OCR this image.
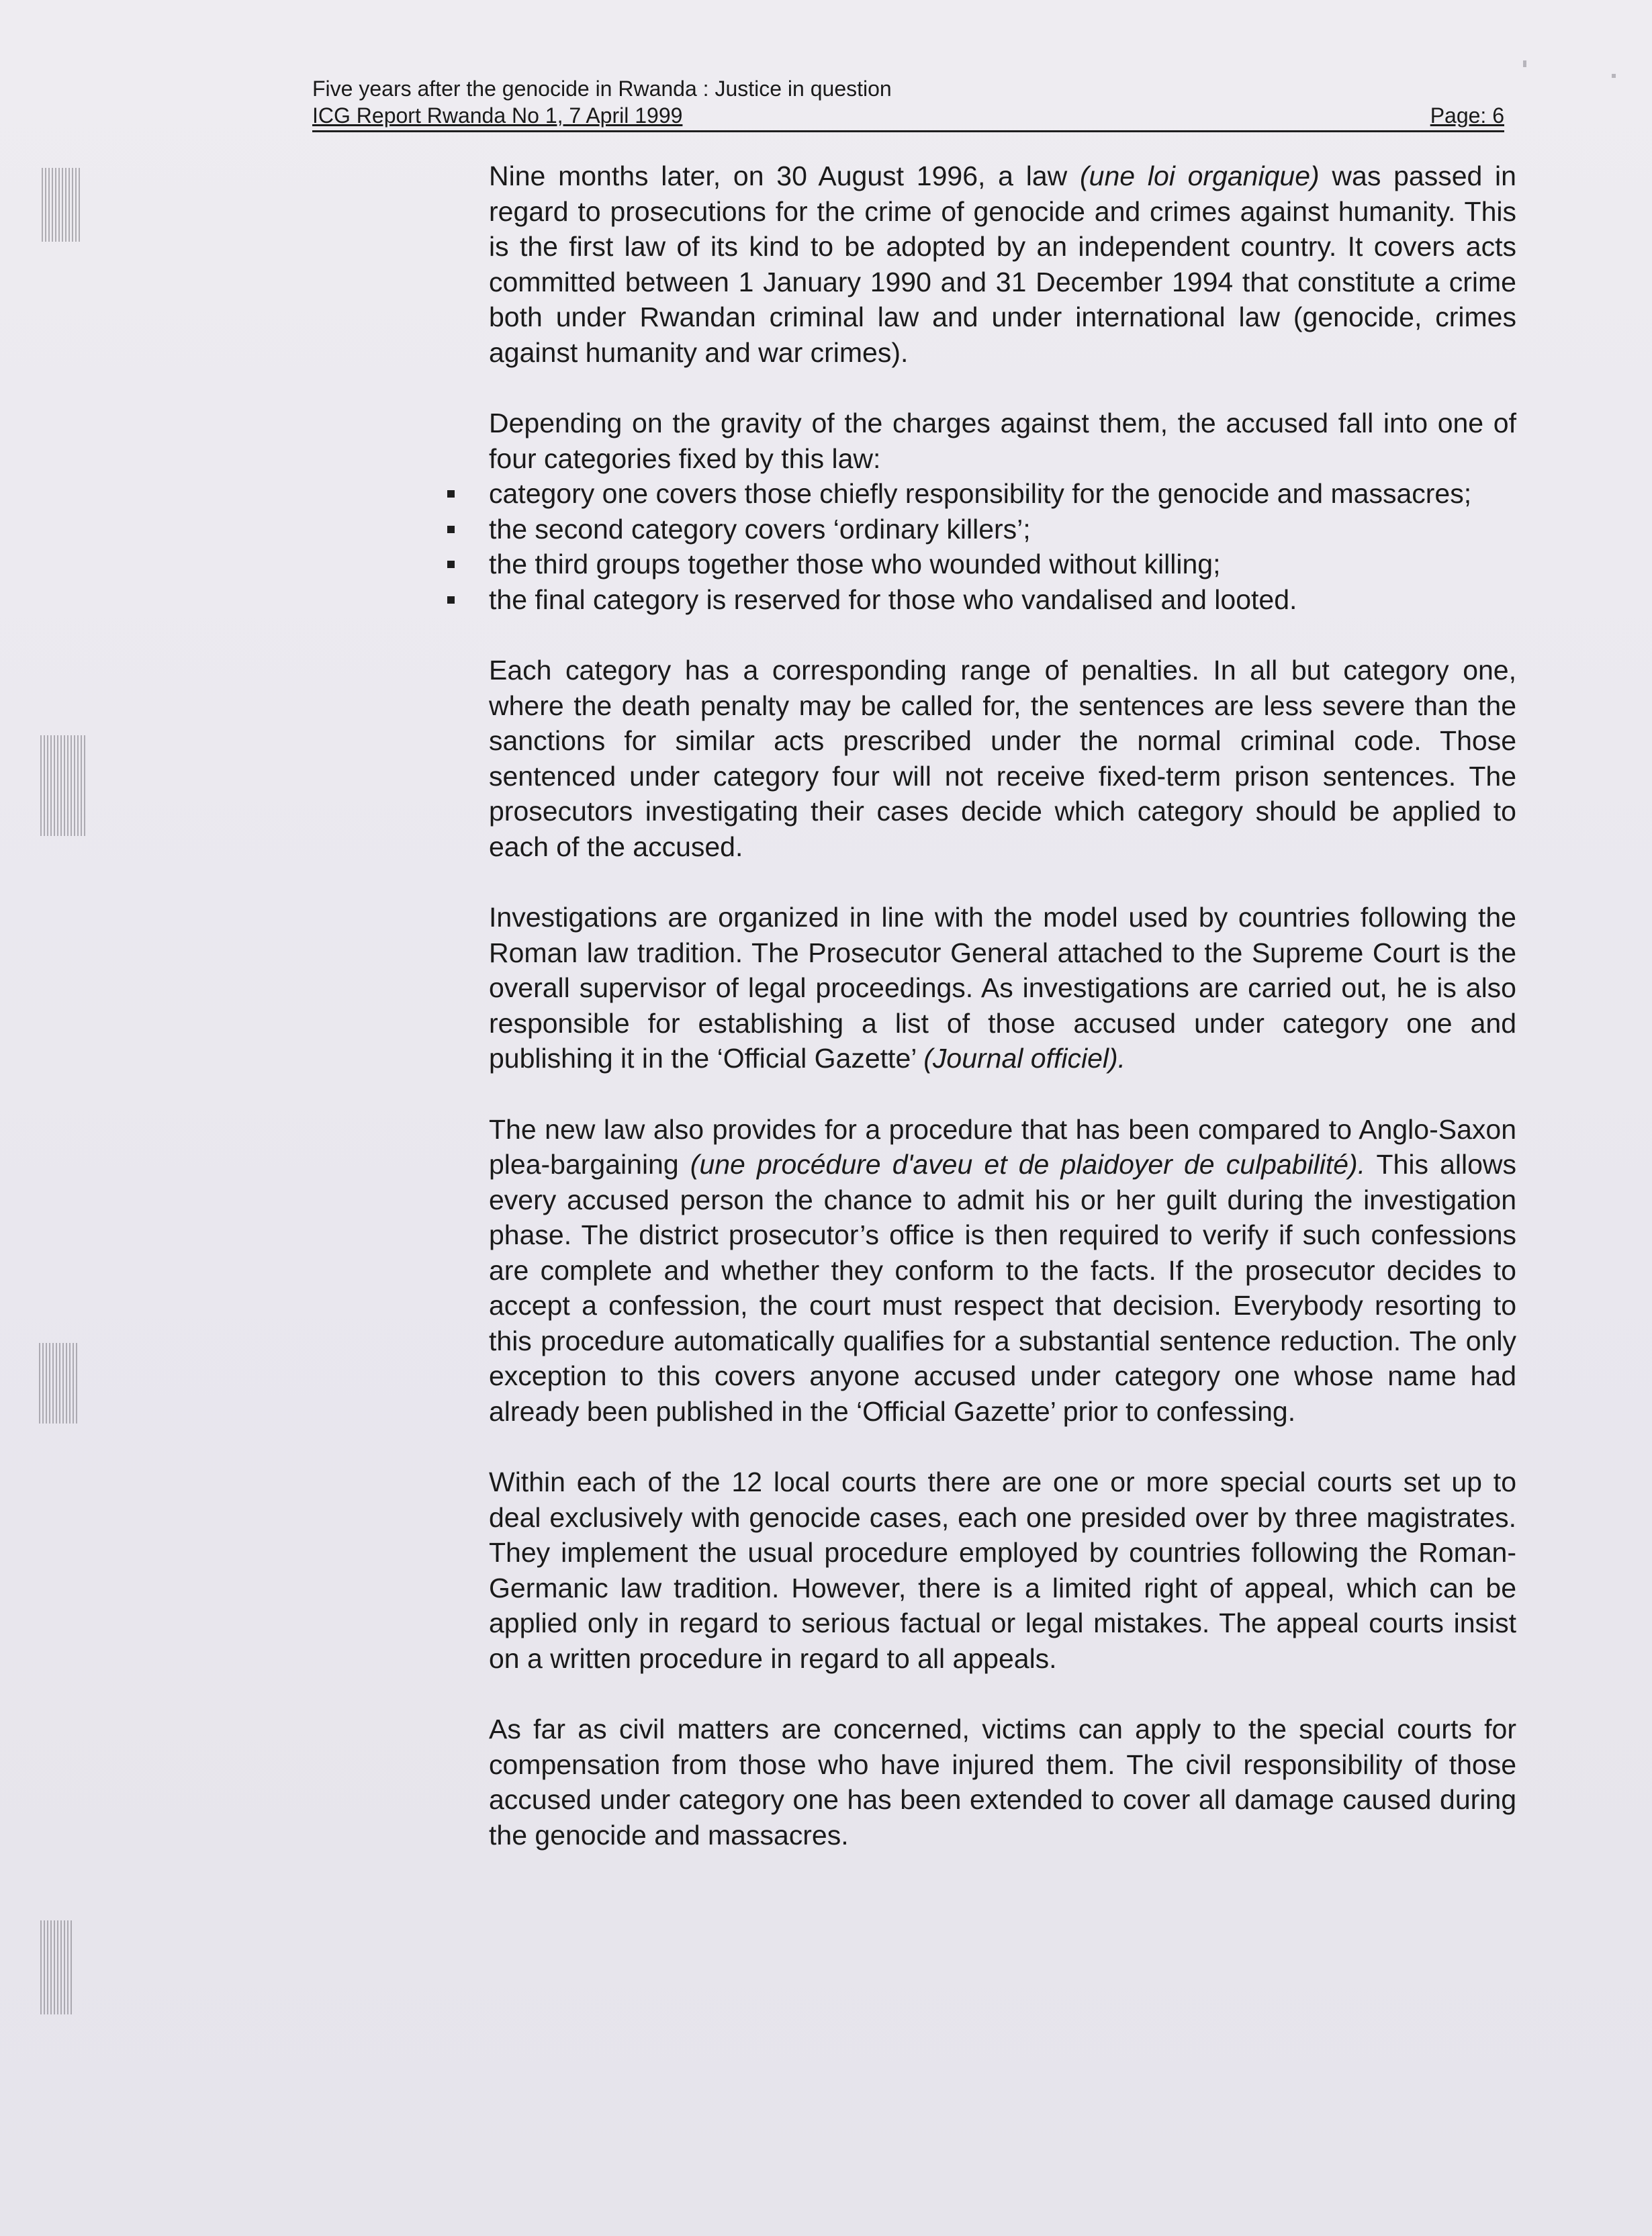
Five years after the genocide in Rwanda : Justice in question
ICG Report Rwanda No 1, 7 April 1999	Page: 6

Nine months later, on 30 August 1996, a law (une loi organique) was passed in regard to prosecutions for the crime of genocide and crimes against humanity. This is the first law of its kind to be adopted by an independent country. It covers acts committed between 1 January 1990 and 31 December 1994 that constitute a crime both under Rwandan criminal law and under international law (genocide, crimes against humanity and war crimes).

Depending on the gravity of the charges against them, the accused fall into one of four categories fixed by this law:

category one covers those chiefly responsibility for the genocide and massacres;
the second category covers ‘ordinary killers’;
the third groups together those who wounded without killing;
the final category is reserved for those who vandalised and looted.

Each category has a corresponding range of penalties. In all but category one, where the death penalty may be called for, the sentences are less severe than the sanctions for similar acts prescribed under the normal criminal code. Those sentenced under category four will not receive fixed-term prison sentences. The prosecutors investigating their cases decide which category should be applied to each of the accused.

Investigations are organized in line with the model used by countries following the Roman law tradition. The Prosecutor General attached to the Supreme Court is the overall supervisor of legal proceedings. As investigations are carried out, he is also responsible for establishing a list of those accused under category one and publishing it in the ‘Official Gazette’ (Journal officiel).

The new law also provides for a procedure that has been compared to Anglo-Saxon plea-bargaining (une procédure d'aveu et de plaidoyer de culpabilité). This allows every accused person the chance to admit his or her guilt during the investigation phase. The district prosecutor’s office is then required to verify if such confessions are complete and whether they conform to the facts. If the prosecutor decides to accept a confession, the court must respect that decision. Everybody resorting to this procedure automatically qualifies for a substantial sentence reduction. The only exception to this covers anyone accused under category one whose name had already been published in the ‘Official Gazette’ prior to confessing.

Within each of the 12 local courts there are one or more special courts set up to deal exclusively with genocide cases, each one presided over by three magistrates. They implement the usual procedure employed by countries following the Roman-Germanic law tradition. However, there is a limited right of appeal, which can be applied only in regard to serious factual or legal mistakes. The appeal courts insist on a written procedure in regard to all appeals.

As far as civil matters are concerned, victims can apply to the special courts for compensation from those who have injured them. The civil responsibility of those accused under category one has been extended to cover all damage caused during the genocide and massacres.
